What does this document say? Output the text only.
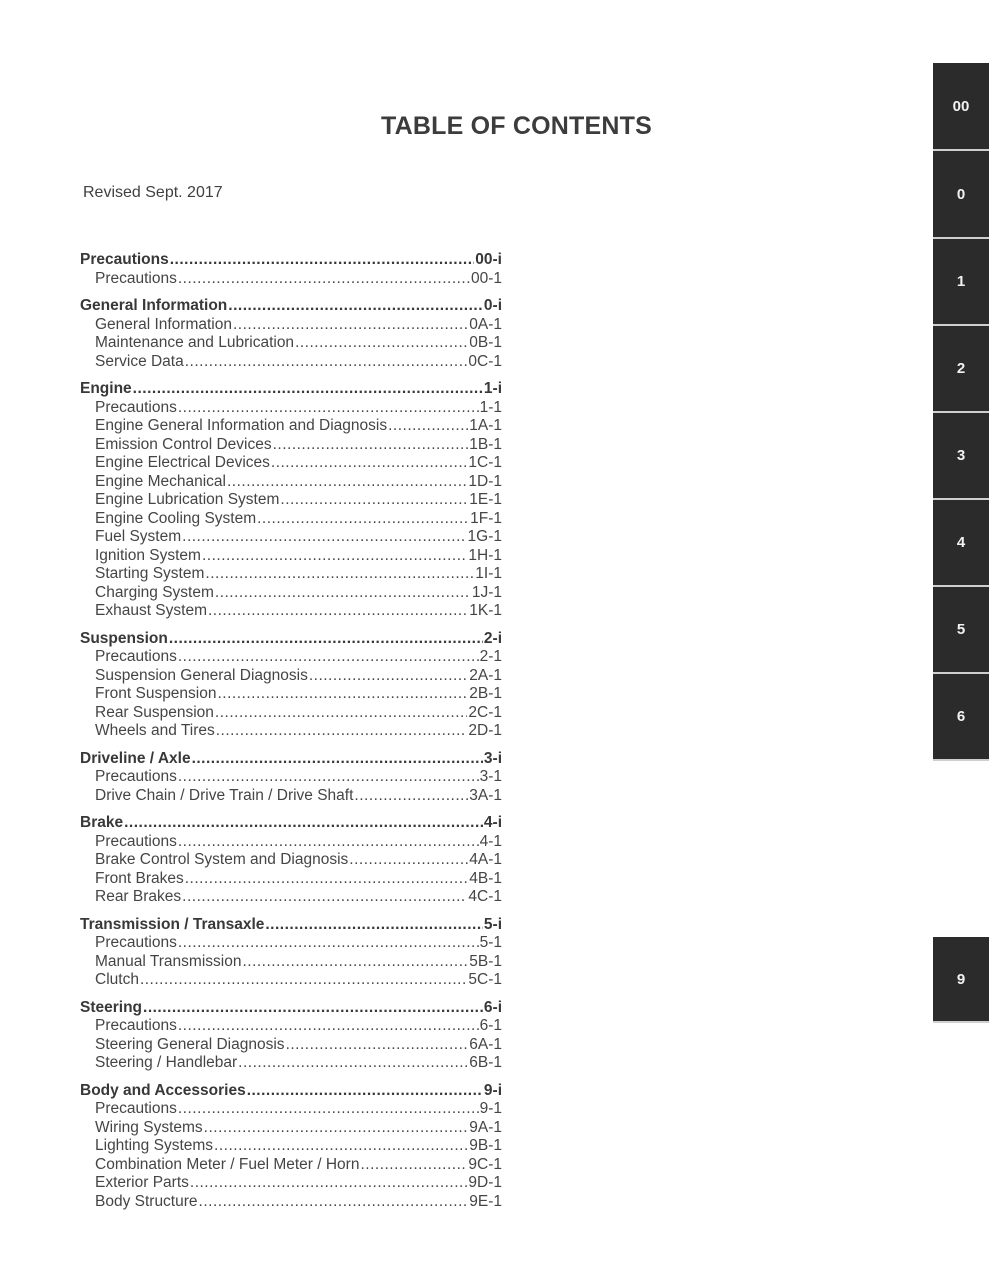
TABLE OF CONTENTS
Revised Sept. 2017
Precautions .....	00-i
Precautions .....	00-1
General Information .....	0-i
General Information .....	0A-1
Maintenance and Lubrication .....	0B-1
Service Data .....	0C-1
Engine .....	1-i
Precautions .....	1-1
Engine General Information and Diagnosis .....	1A-1
Emission Control Devices .....	1B-1
Engine Electrical Devices .....	1C-1
Engine Mechanical .....	1D-1
Engine Lubrication System .....	1E-1
Engine Cooling System .....	1F-1
Fuel System .....	1G-1
Ignition System .....	1H-1
Starting System .....	1I-1
Charging System .....	1J-1
Exhaust System .....	1K-1
Suspension .....	2-i
Precautions .....	2-1
Suspension General Diagnosis .....	2A-1
Front Suspension .....	2B-1
Rear Suspension .....	2C-1
Wheels and Tires .....	2D-1
Driveline / Axle .....	3-i
Precautions .....	3-1
Drive Chain / Drive Train / Drive Shaft .....	3A-1
Brake .....	4-i
Precautions .....	4-1
Brake Control System and Diagnosis .....	4A-1
Front Brakes .....	4B-1
Rear Brakes .....	4C-1
Transmission / Transaxle .....	5-i
Precautions .....	5-1
Manual Transmission .....	5B-1
Clutch .....	5C-1
Steering .....	6-i
Precautions .....	6-1
Steering General Diagnosis .....	6A-1
Steering / Handlebar .....	6B-1
Body and Accessories .....	9-i
Precautions .....	9-1
Wiring Systems .....	9A-1
Lighting Systems .....	9B-1
Combination Meter / Fuel Meter / Horn .....	9C-1
Exterior Parts .....	9D-1
Body Structure .....	9E-1
00
0
1
2
3
4
5
6
9
